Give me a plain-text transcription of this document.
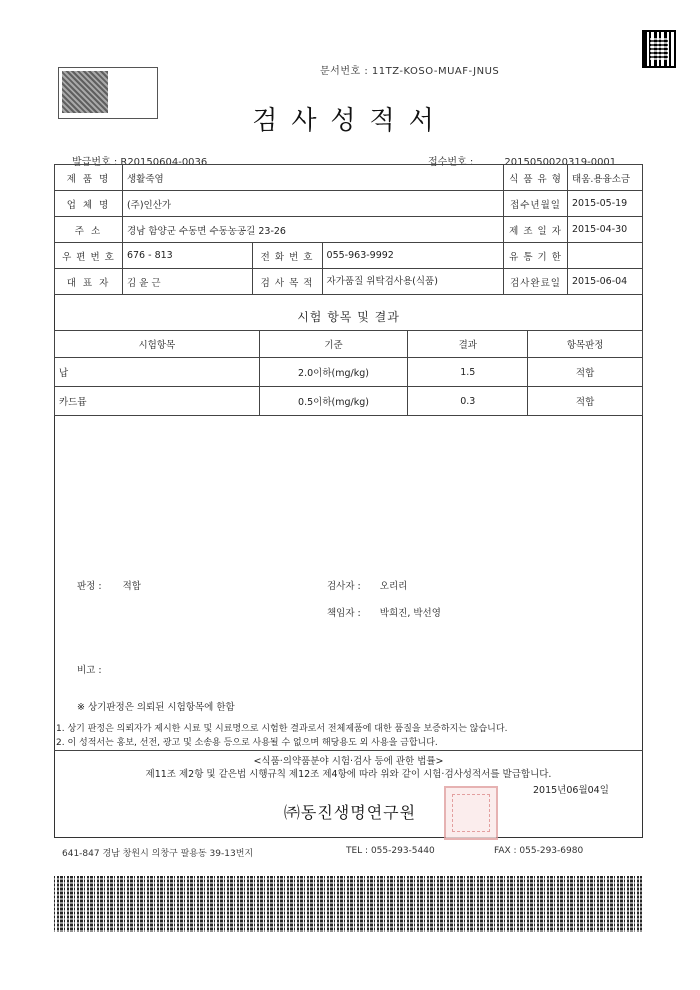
문서번호 : 11TZ-KOSO-MUAF-JNUS
검사성적서
발급번호 : R20150604-0036	접수번호 :	2015050020319-0001
제 품 명	생활죽염			식 품 유 형	태움.용융소금
업 체 명	(주)인산가			접수년월일	2015-05-19
주 소	경남 함양군 수동면 수동농공길 23-26			제 조 일 자	2015-04-30
우 편 번 호	676 - 813	전 화 번 호	055-963-9992	유 통 기 한	
대 표 자	김 윤 근	검 사 목 적	자가품질 위탁검사용(식품)	검사완료일	2015-06-04
시험 항목 및 결과
시험항목	기준	결과	항목판정
납	2.0이하(mg/kg)	1.5	적합
카드뮴	0.5이하(mg/kg)	0.3	적합
판정 : 적합	검사자 : 오리리
책임자 : 박희진, 박선영
비고 :
※ 상기판정은 의뢰된 시험항목에 한함
1. 상기 판정은 의뢰자가 제시한 시료 및 시료명으로 시험한 결과로서 전체제품에 대한 품질을 보증하지는 않습니다.
2. 이 성적서는 홍보, 선전, 광고 및 소송용 등으로 사용될 수 없으며 해당용도 외 사용을 금합니다.
<식품·의약품분야 시험·검사 등에 관한 법률>
제11조 제2항 및 같은법 시행규칙 제12조 제4항에 따라 위와 같이 시험·검사성적서를 발급합니다.
2015년06월04일
㈜동진생명연구원
641-847 경남 창원시 의창구 팔용동 39-13번지	TEL : 055-293-5440	FAX : 055-293-6980
